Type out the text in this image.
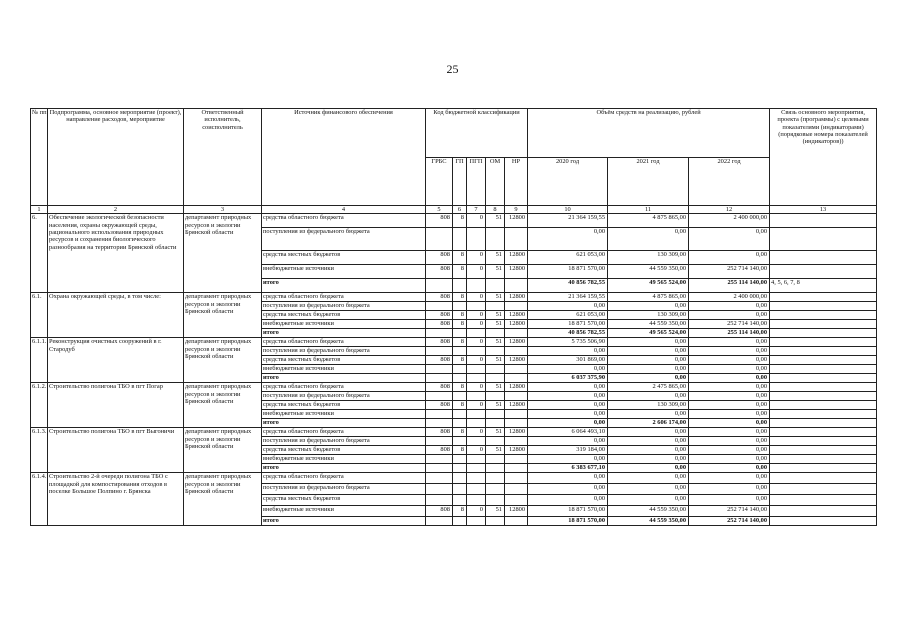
25
№ пп	Подпрограмма, основное мероприятие (проект), направление расходов, мероприятие	Ответственный исполнитель, соисполнитель	Источник финансового обеспечения	Код бюджетной классификации					Объём средств на реализацию, рублей			Связь основного мероприятия, проекта (программы) с целевыми показателями (индикаторами) (порядковые номера показателей (индикаторов))
				ГРБС	ГП	ПГП	ОМ	НР	2020 год	2021 год	2022 год	
1	2	3	4	5	6	7	8	9	10	11	12	13
6.	Обеспечение экологической безопасности населения, охраны окружающей среды, рационального использования природных ресурсов и сохранения биологического разнообразия на территории Брянской области	департамент природных ресурсов и экологии Брянской области	средства областного бюджета	808	8	0	51	12800	21 364 159,55	4 875 865,00	2 400 000,00	
			поступления из федерального бюджета						0,00	0,00	0,00	
			средства местных бюджетов	808	8	0	51	12800	621 053,00	130 309,00	0,00	
			внебюджетные источники	808	8	0	51	12800	18 871 570,00	44 559 350,00	252 714 140,00	
			итого						40 856 782,55	49 565 524,00	255 114 140,00	4, 5, 6, 7, 8
6.1.	Охрана окружающей среды, в том числе:	департамент природных ресурсов и экологии Брянской области	средства областного бюджета	808	8	0	51	12800	21 364 159,55	4 875 865,00	2 400 000,00	
			поступления из федерального бюджета						0,00	0,00	0,00	
			средства местных бюджетов	808	8	0	51	12800	621 053,00	130 309,00	0,00	
			внебюджетные источники	808	8	0	51	12800	18 871 570,00	44 559 350,00	252 714 140,00	
			итого						40 856 782,55	49 565 524,00	255 114 140,00	
6.1.1.	Реконструкция очистных сооружений в г. Стародуб	департамент природных ресурсов и экологии Брянской области	средства областного бюджета	808	8	0	51	12800	5 735 506,90	0,00	0,00	
			поступления из федерального бюджета						0,00	0,00	0,00	
			средства местных бюджетов	808	8	0	51	12800	301 869,00	0,00	0,00	
			внебюджетные источники						0,00	0,00	0,00	
			итого						6 037 375,90	0,00	0,00	
6.1.2.	Строительство полигона ТБО в пгт Погар	департамент природных ресурсов и экологии Брянской области	средства областного бюджета	808	8	0	51	12800	0,00	2 475 865,00	0,00	
			поступления из федерального бюджета						0,00	0,00	0,00	
			средства местных бюджетов	808	8	0	51	12800	0,00	130 309,00	0,00	
			внебюджетные источники						0,00	0,00	0,00	
			итого						0,00	2 606 174,00	0,00	
6.1.3.	Строительство полигона ТБО в пгт Выгоничи	департамент природных ресурсов и экологии Брянской области	средства областного бюджета	808	8	0	51	12800	6 064 493,10	0,00	0,00	
			поступления из федерального бюджета						0,00	0,00	0,00	
			средства местных бюджетов	808	8	0	51	12800	319 184,00	0,00	0,00	
			внебюджетные источники						0,00	0,00	0,00	
			итого						6 383 677,10	0,00	0,00	
6.1.4.	Строительство 2-й очереди полигона ТБО с площадкой для компостирования отходов в поселке Большое Полпино г. Брянска	департамент природных ресурсов и экологии Брянской области	средства областного бюджета						0,00	0,00	0,00	
			поступления из федерального бюджета						0,00	0,00	0,00	
			средства местных бюджетов						0,00	0,00	0,00	
			внебюджетные источники	808	8	0	51	12800	18 871 570,00	44 559 350,00	252 714 140,00	
			итого						18 871 570,00	44 559 350,00	252 714 140,00	
